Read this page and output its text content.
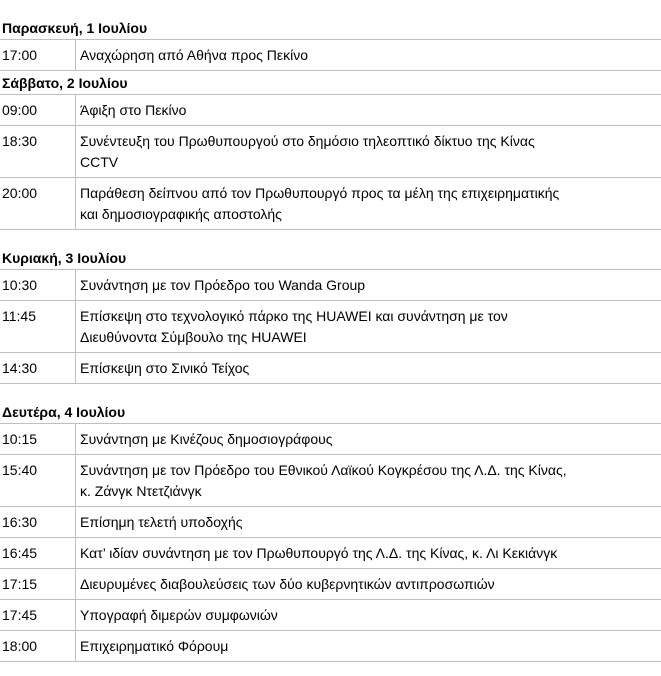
Παρασκευή, 1 Ιουλίου
17:00	Αναχώρηση από Αθήνα προς Πεκίνο
Σάββατο, 2 Ιουλίου
09:00	Άφιξη στο Πεκίνο
18:30	Συνέντευξη του Πρωθυπουργού στο δημόσιο τηλεοπτικό δίκτυο της Κίνας
CCTV
20:00	Παράθεση δείπνου από τον Πρωθυπουργό προς τα μέλη της επιχειρηματικής
και δημοσιογραφικής αποστολής
Κυριακή, 3 Ιουλίου
10:30	Συνάντηση με τον Πρόεδρο του Wanda Group
11:45	Επίσκεψη στο τεχνολογικό πάρκο της HUAWEI και συνάντηση με τον
Διευθύνοντα Σύμβουλο της HUAWEI
14:30	Επίσκεψη στο Σινικό Τείχος
Δευτέρα, 4 Ιουλίου
10:15	Συνάντηση με Κινέζους δημοσιογράφους
15:40	Συνάντηση με τον Πρόεδρο του Εθνικού Λαϊκού Κογκρέσου της Λ.Δ. της Κίνας,
κ. Ζάνγκ Ντετζιάνγκ
16:30	Επίσημη τελετή υποδοχής
16:45	Κατ’ ιδίαν συνάντηση με τον Πρωθυπουργό της Λ.Δ. της Κίνας, κ. Λι Κεκιάνγκ
17:15	Διευρυμένες διαβουλεύσεις των δύο κυβερνητικών αντιπροσωπιών
17:45	Υπογραφή διμερών συμφωνιών
18:00	Επιχειρηματικό Φόρουμ
